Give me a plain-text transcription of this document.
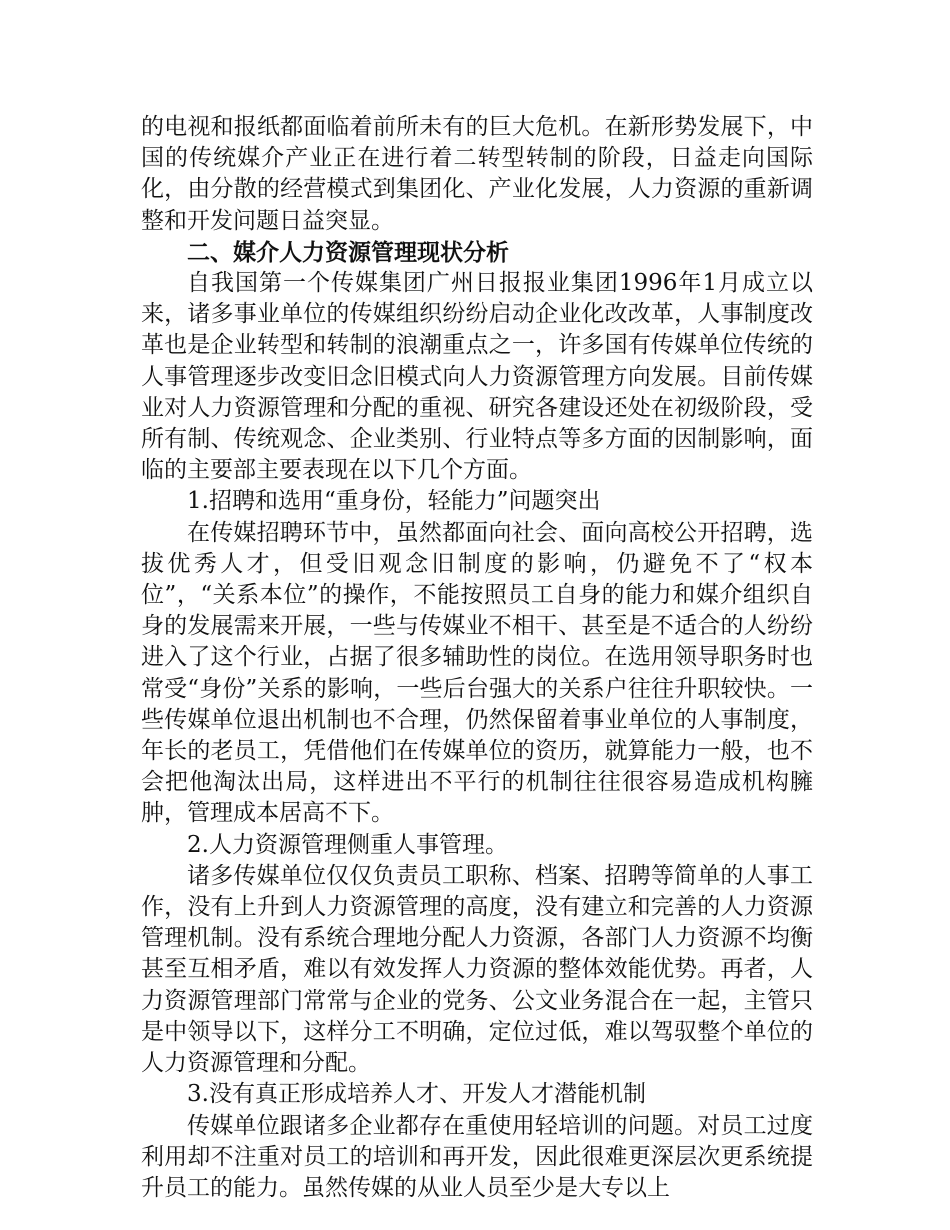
的电视和报纸都面临着前所未有的巨大危机。在新形势发展下，中国的传统媒介产业正在进行着二转型转制的阶段，日益走向国际化，由分散的经营模式到集团化、产业化发展，人力资源的重新调整和开发问题日益突显。

二、媒介人力资源管理现状分析

自我国第一个传媒集团广州日报报业集团1996年1月成立以来，诸多事业单位的传媒组织纷纷启动企业化改改革，人事制度改革也是企业转型和转制的浪潮重点之一，许多国有传媒单位传统的人事管理逐步改变旧念旧模式向人力资源管理方向发展。目前传媒业对人力资源管理和分配的重视、研究各建设还处在初级阶段，受所有制、传统观念、企业类别、行业特点等多方面的因制影响，面临的主要部主要表现在以下几个方面。

1.招聘和选用“重身份，轻能力”问题突出

在传媒招聘环节中，虽然都面向社会、面向高校公开招聘，选拔优秀人才，但受旧观念旧制度的影响，仍避免不了“权本位”，“关系本位”的操作，不能按照员工自身的能力和媒介组织自身的发展需来开展，一些与传媒业不相干、甚至是不适合的人纷纷进入了这个行业，占据了很多辅助性的岗位。在选用领导职务时也常受“身份”关系的影响，一些后台强大的关系户往往升职较快。一些传媒单位退出机制也不合理，仍然保留着事业单位的人事制度，年长的老员工，凭借他们在传媒单位的资历，就算能力一般，也不会把他淘汰出局，这样进出不平行的机制往往很容易造成机构臃肿，管理成本居高不下。

2.人力资源管理侧重人事管理。

诸多传媒单位仅仅负责员工职称、档案、招聘等简单的人事工作，没有上升到人力资源管理的高度，没有建立和完善的人力资源管理机制。没有系统合理地分配人力资源，各部门人力资源不均衡甚至互相矛盾，难以有效发挥人力资源的整体效能优势。再者，人力资源管理部门常常与企业的党务、公文业务混合在一起，主管只是中领导以下，这样分工不明确，定位过低，难以驾驭整个单位的人力资源管理和分配。

3.没有真正形成培养人才、开发人才潜能机制

传媒单位跟诸多企业都存在重使用轻培训的问题。对员工过度利用却不注重对员工的培训和再开发，因此很难更深层次更系统提升员工的能力。虽然传媒的从业人员至少是大专以上
